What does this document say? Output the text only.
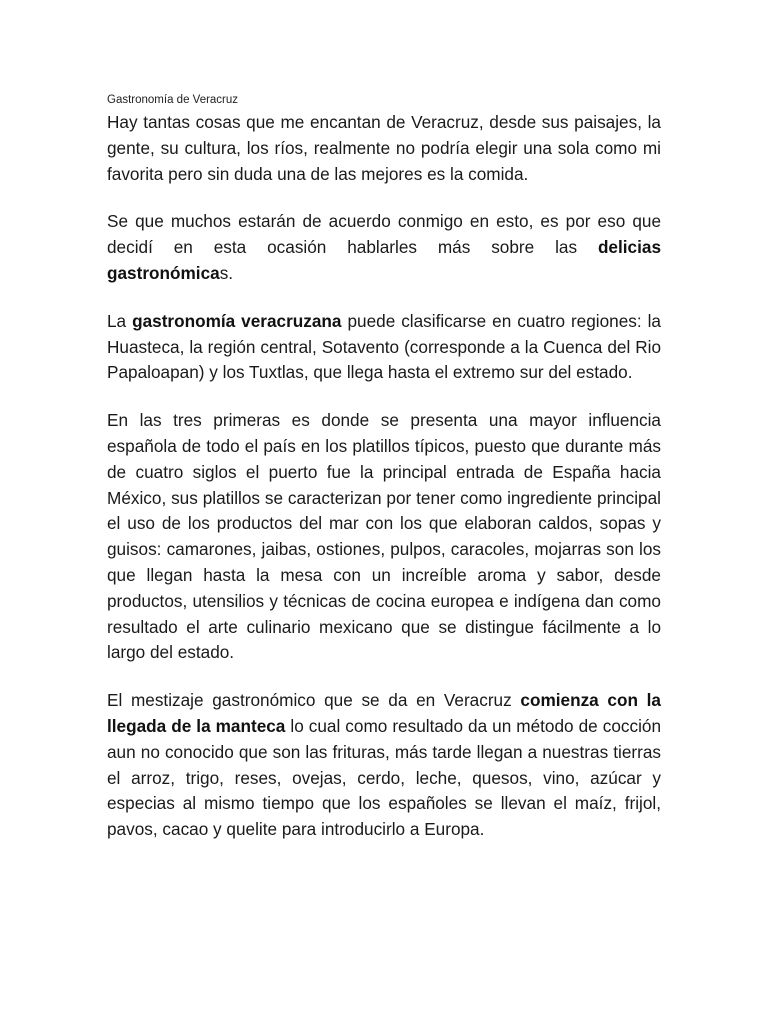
Gastronomía de Veracruz

Hay tantas cosas que me encantan de Veracruz, desde sus paisajes, la gente, su cultura, los ríos, realmente no podría elegir una sola como mi favorita pero sin duda una de las mejores es la comida.

Se que muchos estarán de acuerdo conmigo en esto, es por eso que decidí en esta ocasión hablarles más sobre las delicias gastronómicas.

La gastronomía veracruzana puede clasificarse en cuatro regiones: la Huasteca, la región central, Sotavento (corresponde a la Cuenca del Rio Papaloapan) y los Tuxtlas, que llega hasta el extremo sur del estado.

En las tres primeras es donde se presenta una mayor influencia española de todo el país en los platillos típicos, puesto que durante más de cuatro siglos el puerto fue la principal entrada de España hacia México, sus platillos se caracterizan por tener como ingrediente principal el uso de los productos del mar con los que elaboran caldos, sopas y guisos: camarones, jaibas, ostiones, pulpos, caracoles, mojarras son los que llegan hasta la mesa con un increíble aroma y sabor, desde productos, utensilios y técnicas de cocina europea e indígena dan como resultado el arte culinario mexicano que se distingue fácilmente a lo largo del estado.

El mestizaje gastronómico que se da en Veracruz comienza con la llegada de la manteca lo cual como resultado da un método de cocción aun no conocido que son las frituras, más tarde llegan a nuestras tierras el arroz, trigo, reses, ovejas, cerdo, leche, quesos, vino, azúcar y especias al mismo tiempo que los españoles se llevan el maíz, frijol, pavos, cacao y quelite para introducirlo a Europa.
